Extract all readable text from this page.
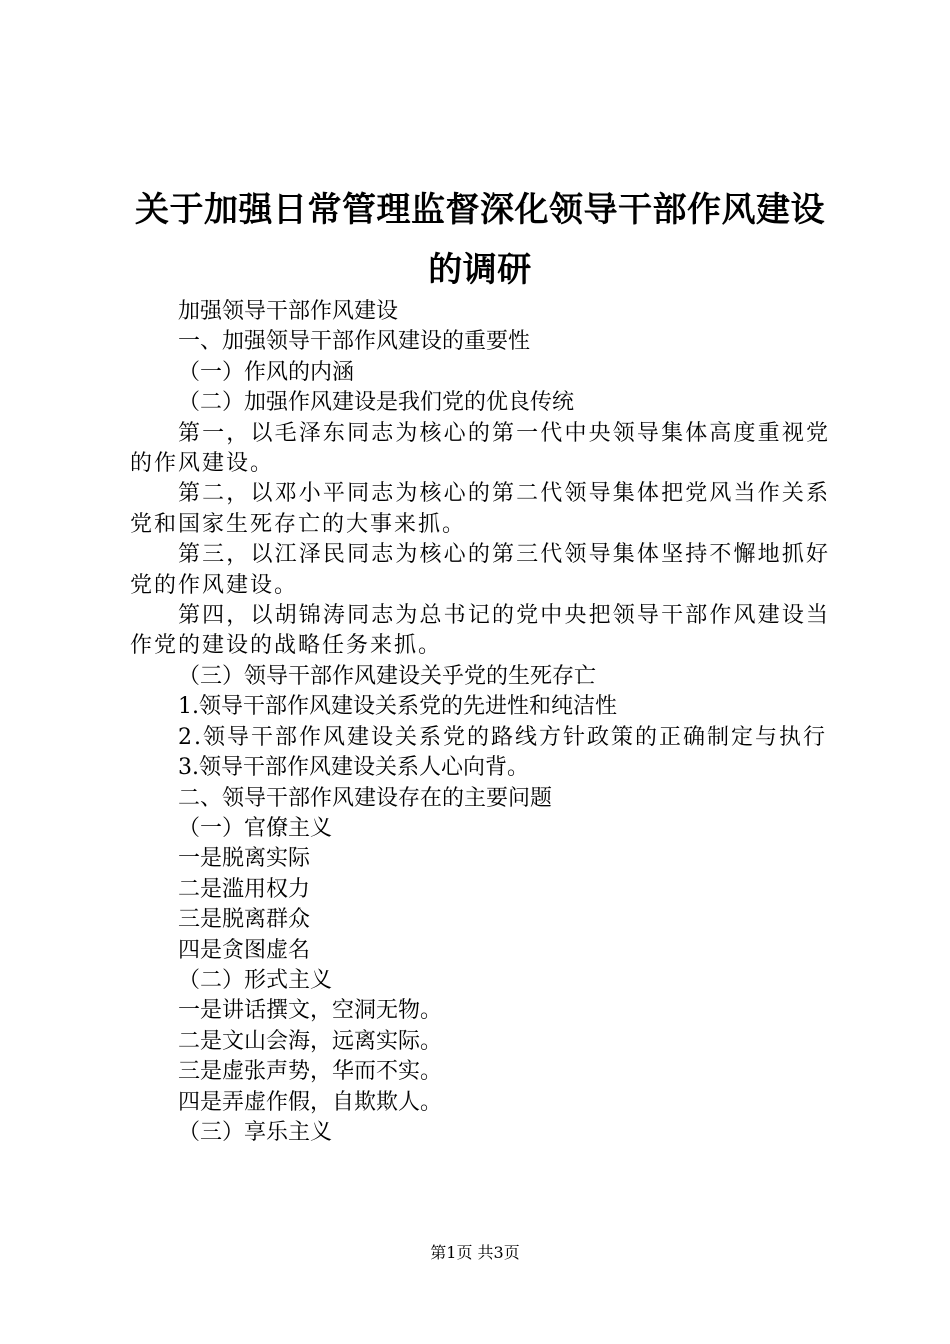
关于加强日常管理监督深化领导干部作风建设
的调研

加强领导干部作风建设

一、加强领导干部作风建设的重要性

（一）作风的内涵

（二）加强作风建设是我们党的优良传统

第一，以毛泽东同志为核心的第一代中央领导集体高度重视党的作风建设。

第二，以邓小平同志为核心的第二代领导集体把党风当作关系党和国家生死存亡的大事来抓。

第三，以江泽民同志为核心的第三代领导集体坚持不懈地抓好党的作风建设。

第四，以胡锦涛同志为总书记的党中央把领导干部作风建设当作党的建设的战略任务来抓。

（三）领导干部作风建设关乎党的生死存亡

1.领导干部作风建设关系党的先进性和纯洁性

2.领导干部作风建设关系党的路线方针政策的正确制定与执行

3.领导干部作风建设关系人心向背。

二、领导干部作风建设存在的主要问题

（一）官僚主义

一是脱离实际

二是滥用权力

三是脱离群众

四是贪图虚名

（二）形式主义

一是讲话撰文，空洞无物。

二是文山会海，远离实际。

三是虚张声势，华而不实。

四是弄虚作假，自欺欺人。

（三）享乐主义

第1页 共3页
